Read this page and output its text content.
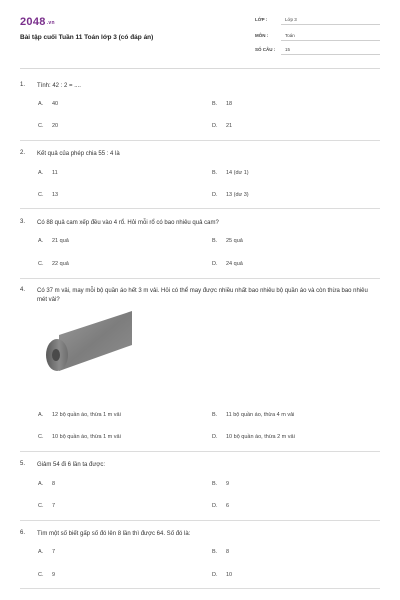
2048.vn
Bài tập cuối Tuần 11 Toán lớp 3 (có đáp án)
LỚP :	Lớp 3
MÔN :	Toán
SỐ CÂU : 15
1. Tính: 42 : 2 = ....
A. 40	B. 18
C. 20	D. 21
2. Kết quả của phép chia 55 : 4 là
A. 11	B. 14 (dư 1)
C. 13	D. 13 (dư 3)
3. Có 88 quả cam xếp đều vào 4 rổ. Hỏi mỗi rổ có bao nhiêu quả cam?
A. 21 quả	B. 25 quả
C. 22 quả	D. 24 quả
4. Có 37 m vải, may mỗi bộ quần áo hết 3 m vải. Hỏi có thể may được nhiều nhất bao nhiêu bộ quần áo và còn thừa bao nhiêu mét vải?
A. 12 bộ quần áo, thừa 1 m vải	B. 11 bộ quần áo, thừa 4 m vải
C. 10 bộ quần áo, thừa 1 m vải	D. 10 bộ quần áo, thừa 2 m vải
5. Giảm 54 đi 6 lần ta được:
A. 8	B. 9
C. 7	D. 6
6. Tìm một số biết gấp số đó lên 8 lần thì được 64. Số đó là:
A. 7	B. 8
C. 9	D. 10
